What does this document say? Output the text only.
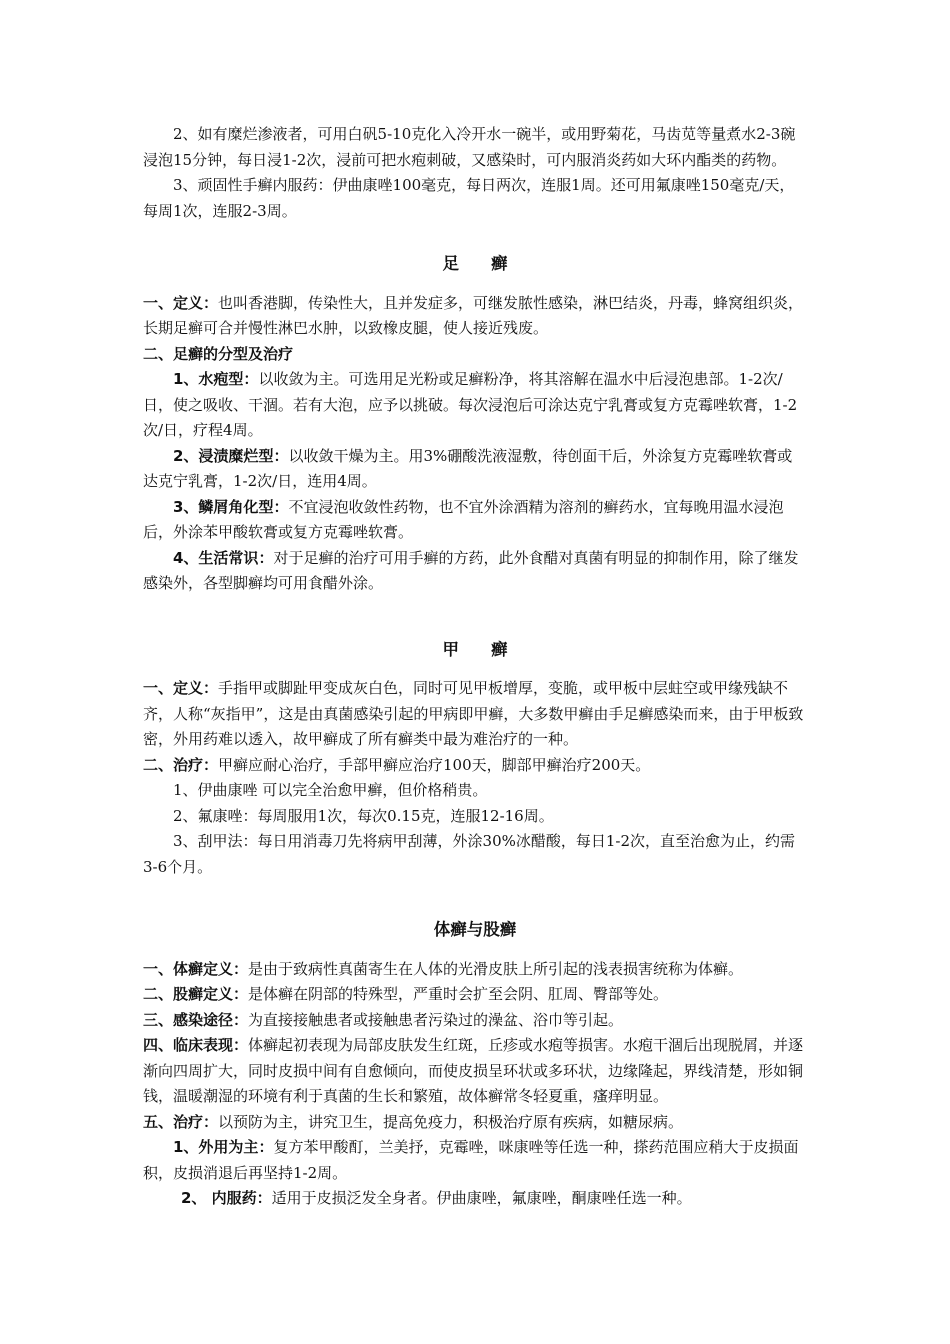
2、如有糜烂渗液者，可用白矾5-10克化入冷开水一碗半，或用野菊花，马齿苋等量煮水2-3碗浸泡15分钟，每日浸1-2次，浸前可把水疱刺破，又感染时，可内服消炎药如大环内酯类的药物。

3、顽固性手癣内服药：伊曲康唑100毫克，每日两次，连服1周。还可用氟康唑150毫克/天，每周1次，连服2-3周。

足癣

一、定义：也叫香港脚，传染性大，且并发症多，可继发脓性感染，淋巴结炎，丹毒，蜂窝组织炎，长期足癣可合并慢性淋巴水肿，以致橡皮腿，使人接近残废。

二、足癣的分型及治疗

1、水疱型：以收敛为主。可选用足光粉或足癣粉净，将其溶解在温水中后浸泡患部。1-2次/日，使之吸收、干涸。若有大泡，应予以挑破。每次浸泡后可涂达克宁乳膏或复方克霉唑软膏，1-2次/日，疗程4周。

2、浸渍糜烂型：以收敛干燥为主。用3%硼酸洗液湿敷，待创面干后，外涂复方克霉唑软膏或达克宁乳膏，1-2次/日，连用4周。

3、鳞屑角化型：不宜浸泡收敛性药物，也不宜外涂酒精为溶剂的癣药水，宜每晚用温水浸泡后，外涂苯甲酸软膏或复方克霉唑软膏。

4、生活常识：对于足癣的治疗可用手癣的方药，此外食醋对真菌有明显的抑制作用，除了继发感染外，各型脚癣均可用食醋外涂。

甲癣

一、定义：手指甲或脚趾甲变成灰白色，同时可见甲板增厚，变脆，或甲板中层蛀空或甲缘残缺不齐，人称“灰指甲”，这是由真菌感染引起的甲病即甲癣，大多数甲癣由手足癣感染而来，由于甲板致密，外用药难以透入，故甲癣成了所有癣类中最为难治疗的一种。

二、治疗：甲癣应耐心治疗，手部甲癣应治疗100天，脚部甲癣治疗200天。

1、伊曲康唑 可以完全治愈甲癣，但价格稍贵。

2、氟康唑：每周服用1次，每次0.15克，连服12-16周。

3、刮甲法：每日用消毒刀先将病甲刮薄，外涂30%冰醋酸，每日1-2次，直至治愈为止，约需3-6个月。

体癣与股癣

一、体癣定义：是由于致病性真菌寄生在人体的光滑皮肤上所引起的浅表损害统称为体癣。

二、股癣定义：是体癣在阴部的特殊型，严重时会扩至会阴、肛周、臀部等处。

三、感染途径：为直接接触患者或接触患者污染过的澡盆、浴巾等引起。

四、临床表现：体癣起初表现为局部皮肤发生红斑，丘疹或水疱等损害。水疱干涸后出现脱屑，并逐渐向四周扩大，同时皮损中间有自愈倾向，而使皮损呈环状或多环状，边缘隆起，界线清楚，形如铜钱，温暖潮湿的环境有利于真菌的生长和繁殖，故体癣常冬轻夏重，瘙痒明显。

五、治疗：以预防为主，讲究卫生，提高免疫力，积极治疗原有疾病，如糖尿病。

1、外用为主：复方苯甲酸酊，兰美抒，克霉唑，咪康唑等任选一种，搽药范围应稍大于皮损面积，皮损消退后再坚持1-2周。

2、 内服药：适用于皮损泛发全身者。伊曲康唑，氟康唑，酮康唑任选一种。
